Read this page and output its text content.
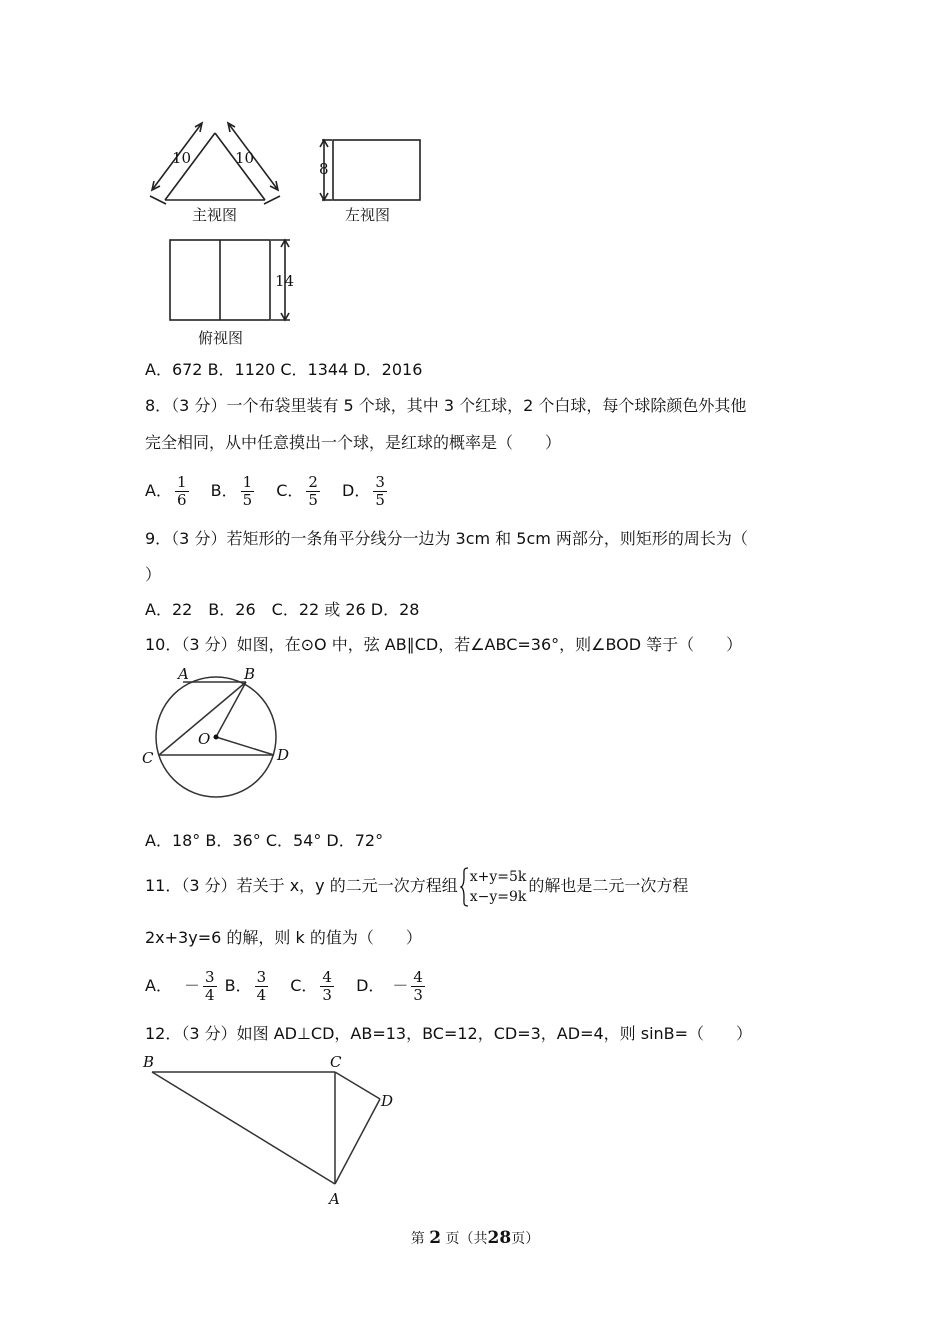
10	10
8
14
主视图	左视图
俯视图
A．672 B．1120 C．1344 D．2016
8．（3 分）一个布袋里装有 5 个球，其中 3 个红球，2 个白球，每个球除颜色外其他
完全相同，从中任意摸出一个球，是红球的概率是（　　）
A． $\frac{1}{6}$ B． $\frac{1}{5}$ C． $\frac{2}{5}$ D． $\frac{3}{5}$
9．（3 分）若矩形的一条角平分线分一边为 3cm 和 5cm 两部分，则矩形的周长为（
）
A．22　B．26　C．22 或 26 D．28
10．（3 分）如图，在⊙O 中，弦 AB∥CD，若∠ABC=36°，则∠BOD 等于（　　）
A	B
C	D
O
A．18° B．36° C．54° D．72°
11．（3 分）若关于 x，y 的二元一次方程组 x+y=5k
x−y=9k
的解也是二元一次方程
2x+3y=6 的解，则 k 的值为（　　）
A． － $\frac{3}{4}$ B． $\frac{3}{4}$ C． $\frac{4}{3}$ D． － $\frac{4}{3}$
12．（3 分）如图 AD⊥CD，AB=13，BC=12，CD=3，AD=4，则 sinB=（　　）
B	C
D
A
第 2 页（共28页）
